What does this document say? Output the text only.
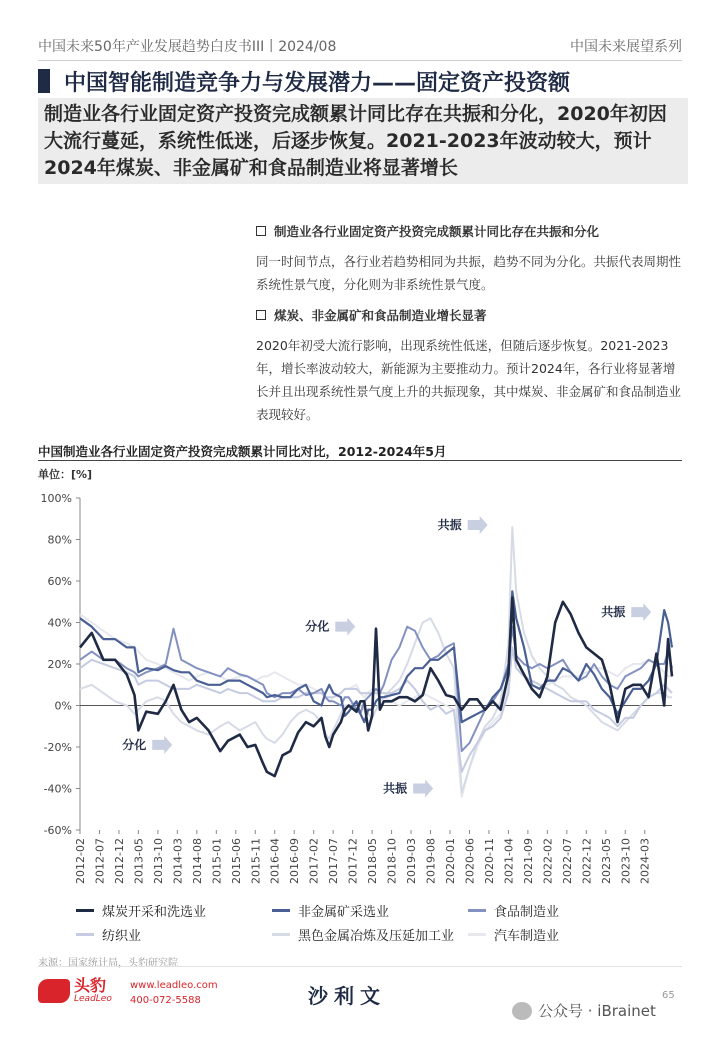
中国未来50年产业发展趋势白皮书III丨2024/08	中国未来展望系列
中国智能制造竞争力与发展潜力——固定资产投资额
制造业各行业固定资产投资完成额累计同比存在共振和分化，2020年初因大流行蔓延，系统性低迷，后逐步恢复。2021-2023年波动较大，预计2024年煤炭、非金属矿和食品制造业将显著增长
制造业各行业固定资产投资完成额累计同比存在共振和分化
同一时间节点，各行业若趋势相同为共振，趋势不同为分化。共振代表周期性系统性景气度，分化则为非系统性景气度。
煤炭、非金属矿和食品制造业增长显著
2020年初受大流行影响，出现系统性低迷，但随后逐步恢复。2021-2023年，增长率波动较大，新能源为主要推动力。预计2024年，各行业将显著增长并且出现系统性景气度上升的共振现象，其中煤炭、非金属矿和食品制造业表现较好。
中国制造业各行业固定资产投资完成额累计同比对比，2012-2024年5月
单位：[%]
100%
80%
60%
40%
20%
0%
-20%
-40%
-60%
2012-02 2012-07 2012-12 2013-05 2013-10 2014-03 2014-08 2015-01 2015-06 2015-11 2016-04 2016-09 2017-02 2017-07 2017-12 2018-05 2018-10 2019-03 2019-08 2020-01 2020-06 2020-11 2021-04 2021-09 2022-02 2022-07 2022-12 2023-05 2023-10 2024-03
共振
分化
分化
共振
共振
煤炭开采和洗选业	非金属矿采选业	食品制造业
纺织业	黑色金属冶炼及压延加工业	汽车制造业
来源：国家统计局，头豹研究院
头豹
LeadLeo
www.leadleo.com
400-072-5588	沙利文
公众号 · iBrainet
65
